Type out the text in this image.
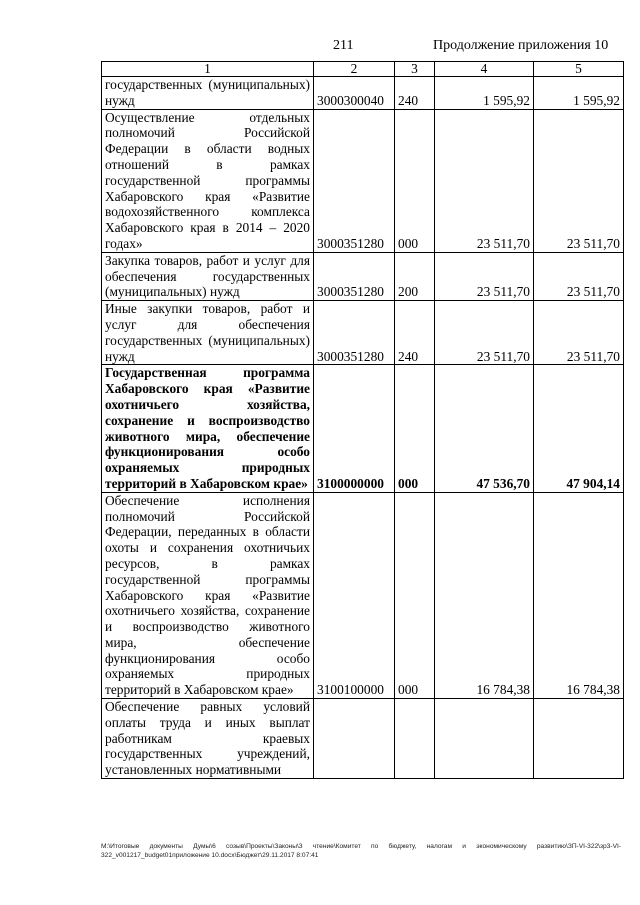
211	Продолжение приложения 10
1	2	3	4	5
государственных (муниципальных) нужд	3000300040	240	1 595,92	1 595,92
Осуществление отдельных полномочий Российской Федерации в области водных отношений в рамках государственной программы Хабаровского края «Развитие водохозяйственного комплекса Хабаровского края в 2014 – 2020 годах»	3000351280	000	23 511,70	23 511,70
Закупка товаров, работ и услуг для обеспечения государственных (муниципальных) нужд	3000351280	200	23 511,70	23 511,70
Иные закупки товаров, работ и услуг для обеспечения государственных (муниципальных) нужд	3000351280	240	23 511,70	23 511,70
Государственная программа Хабаровского края «Развитие охотничьего хозяйства, сохранение и воспроизводство животного мира, обеспечение функционирования особо охраняемых природных территорий в Хабаровском крае»	3100000000	000	47 536,70	47 904,14
Обеспечение исполнения полномочий Российской Федерации, переданных в области охоты и сохранения охотничьих ресурсов, в рамках государственной программы Хабаровского края «Развитие охотничьего хозяйства, сохранение и воспроизводство животного мира, обеспечение функционирования особо охраняемых природных территорий в Хабаровском крае»	3100100000	000	16 784,38	16 784,38
Обеспечение равных условий оплаты труда и иных выплат работникам краевых государственных учреждений, установленных нормативными				
М:\Итоговые документы Думы\6 созыв\Проекты\Законы\3 чтение\Комитет по бюджету, налогам и экономическому развитию\ЗП-VI-322\зр3-VI-322_v001217_budget01приложение 10.docx\Бюджет\29.11.2017 8:07:41
